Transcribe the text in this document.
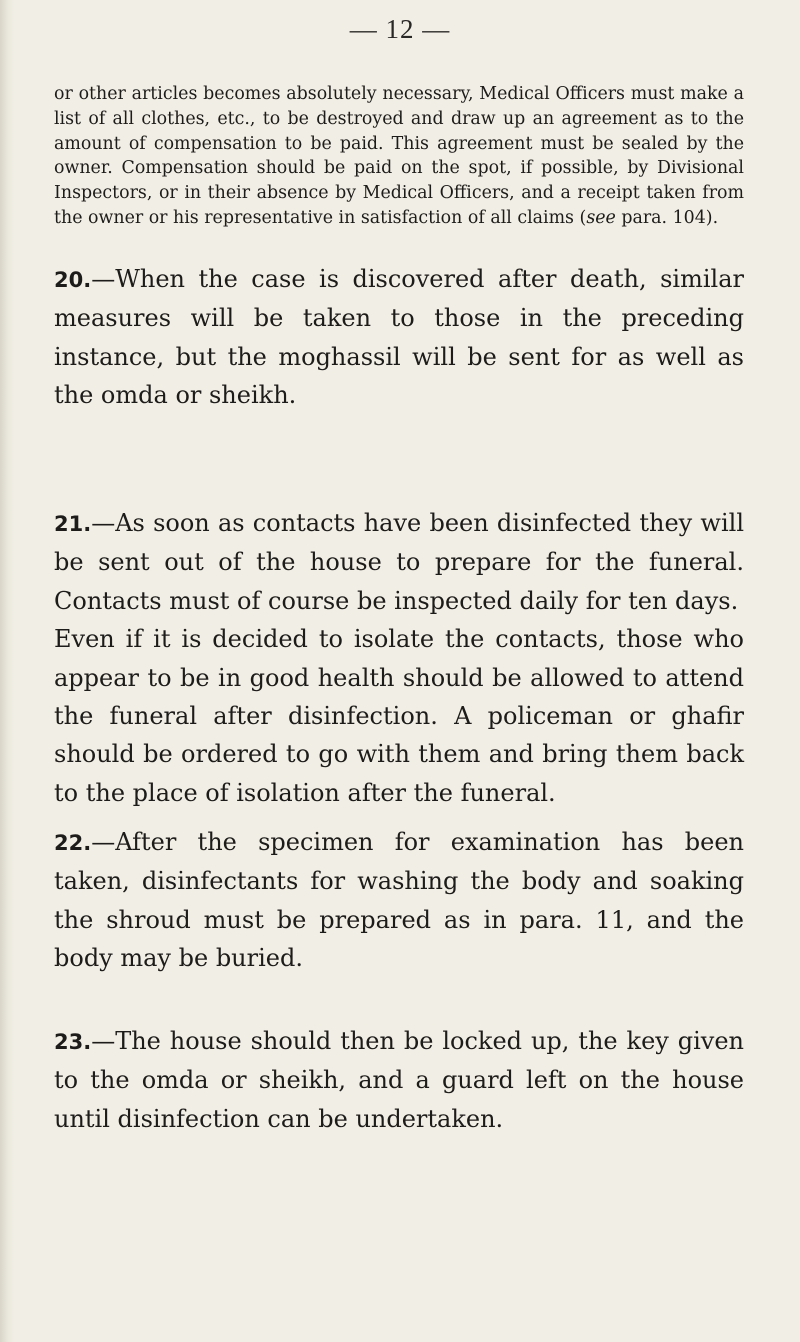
— 12 —

or other articles becomes absolutely necessary, Medical Officers must make a list of all clothes, etc., to be destroyed and draw up an agreement as to the amount of compensation to be paid. This agreement must be sealed by the owner. Compensation should be paid on the spot, if possible, by Divisional Inspectors, or in their absence by Medical Officers, and a receipt taken from the owner or his representative in satisfaction of all claims (see para. 104).

20.—When the case is discovered after death, similar measures will be taken to those in the preceding instance, but the moghassil will be sent for as well as the omda or sheikh.

21.—As soon as contacts have been disinfected they will be sent out of the house to prepare for the funeral. Contacts must of course be inspected daily for ten days.

Even if it is decided to isolate the contacts, those who appear to be in good health should be allowed to attend the funeral after disinfection. A policeman or ghafir should be ordered to go with them and bring them back to the place of isolation after the funeral.

22.—After the specimen for examination has been taken, disinfectants for washing the body and soaking the shroud must be prepared as in para. 11, and the body may be buried.

23.—The house should then be locked up, the key given to the omda or sheikh, and a guard left on the house until disinfection can be undertaken.
